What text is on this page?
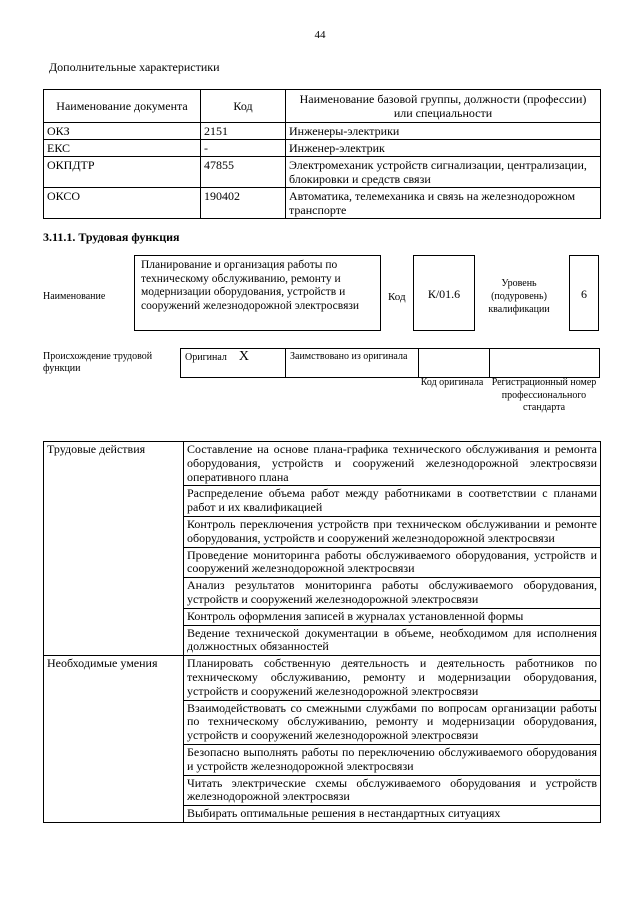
44
Дополнительные характеристики
Наименование документа	Код	Наименование базовой группы, должности (профессии) или специальности
ОКЗ	2151	Инженеры-электрики
ЕКС	-	Инженер-электрик
ОКПДТР	47855	Электромеханик устройств сигнализации, централизации, блокировки и средств связи
ОКСО	190402	Автоматика, телемеханика и связь на железнодорожном транспорте
3.11.1. Трудовая функция
Наименование
Планирование и организация работы по техническому обслуживанию, ремонту и модернизации оборудования, устройств и сооружений железнодорожной электросвязи
Код	К/01.6
Уровень (подуровень) квалификации
6
Происхождение трудовой функции
Оригинал X	Заимствовано из оригинала		
Код оригинала Регистрационный номер профессионального стандарта
Трудовые действия	Составление на основе плана-графика технического обслуживания и ремонта оборудования, устройств и сооружений железнодорожной электросвязи оперативного плана
	Распределение объема работ между работниками в соответствии с планами работ и их квалификацией
	Контроль переключения устройств при техническом обслуживании и ремонте оборудования, устройств и сооружений железнодорожной электросвязи
	Проведение мониторинга работы обслуживаемого оборудования, устройств и сооружений железнодорожной электросвязи
	Анализ результатов мониторинга работы обслуживаемого оборудования, устройств и сооружений железнодорожной электросвязи
	Контроль оформления записей в журналах установленной формы
	Ведение технической документации в объеме, необходимом для исполнения должностных обязанностей
Необходимые умения	Планировать собственную деятельность и деятельность работников по техническому обслуживанию, ремонту и модернизации оборудования, устройств и сооружений железнодорожной электросвязи
	Взаимодействовать со смежными службами по вопросам организации работы по техническому обслуживанию, ремонту и модернизации оборудования, устройств и сооружений железнодорожной электросвязи
	Безопасно выполнять работы по переключению обслуживаемого оборудования и устройств железнодорожной электросвязи
	Читать электрические схемы обслуживаемого оборудования и устройств железнодорожной электросвязи
	Выбирать оптимальные решения в нестандартных ситуациях
